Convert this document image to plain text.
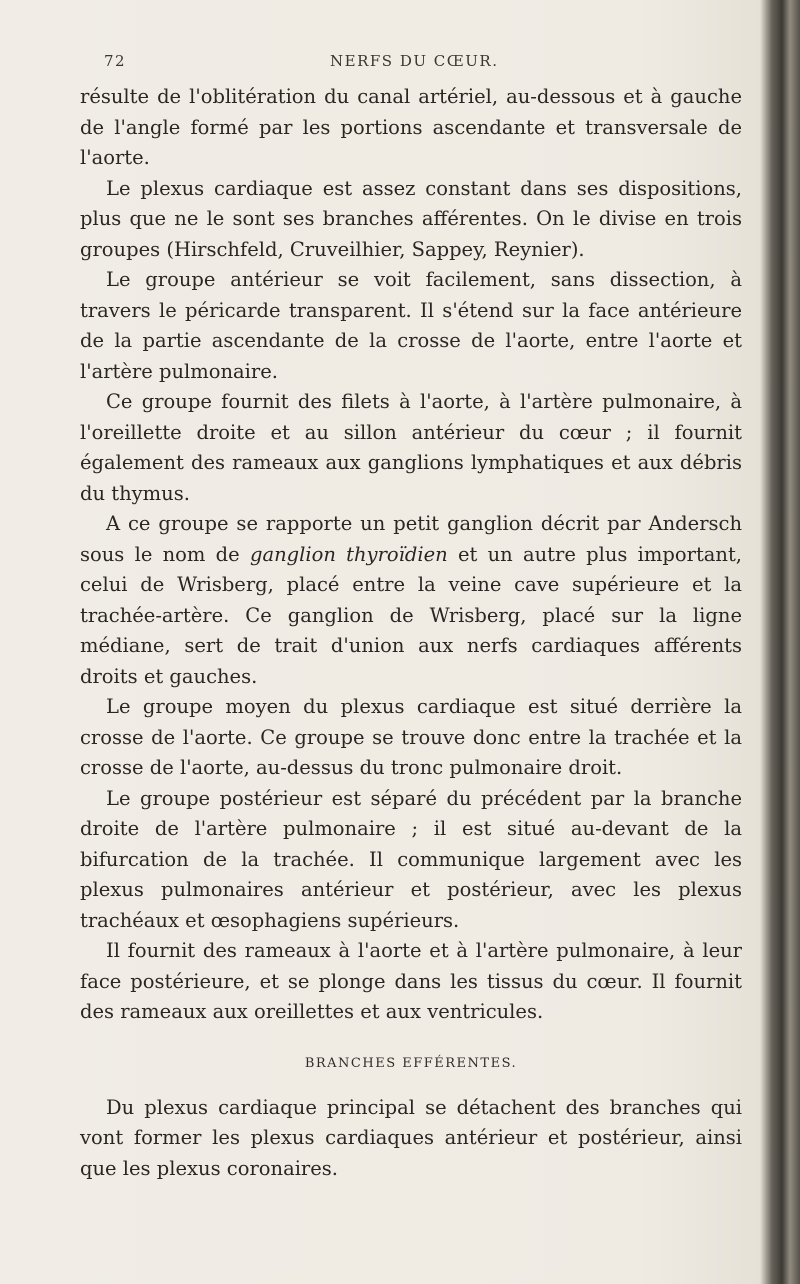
72	NERFS DU CŒUR.

résulte de l'oblitération du canal artériel, au-dessous et à gauche de l'angle formé par les portions ascendante et transversale de l'aorte.

Le plexus cardiaque est assez constant dans ses dispositions, plus que ne le sont ses branches afférentes. On le divise en trois groupes (Hirschfeld, Cruveilhier, Sappey, Reynier).

Le groupe antérieur se voit facilement, sans dissection, à travers le péricarde transparent. Il s'étend sur la face antérieure de la partie ascendante de la crosse de l'aorte, entre l'aorte et l'artère pulmonaire.

Ce groupe fournit des filets à l'aorte, à l'artère pulmonaire, à l'oreillette droite et au sillon antérieur du cœur ; il fournit également des rameaux aux ganglions lymphatiques et aux débris du thymus.

A ce groupe se rapporte un petit ganglion décrit par Andersch sous le nom de ganglion thyroïdien et un autre plus important, celui de Wrisberg, placé entre la veine cave supérieure et la trachée-artère. Ce ganglion de Wrisberg, placé sur la ligne médiane, sert de trait d'union aux nerfs cardiaques afférents droits et gauches.

Le groupe moyen du plexus cardiaque est situé derrière la crosse de l'aorte. Ce groupe se trouve donc entre la trachée et la crosse de l'aorte, au-dessus du tronc pulmonaire droit.

Le groupe postérieur est séparé du précédent par la branche droite de l'artère pulmonaire ; il est situé au-devant de la bifurcation de la trachée. Il communique largement avec les plexus pulmonaires antérieur et postérieur, avec les plexus trachéaux et œsophagiens supérieurs.

Il fournit des rameaux à l'aorte et à l'artère pulmonaire, à leur face postérieure, et se plonge dans les tissus du cœur. Il fournit des rameaux aux oreillettes et aux ventricules.

BRANCHES EFFÉRENTES.

Du plexus cardiaque principal se détachent des branches qui vont former les plexus cardiaques antérieur et postérieur, ainsi que les plexus coronaires.
